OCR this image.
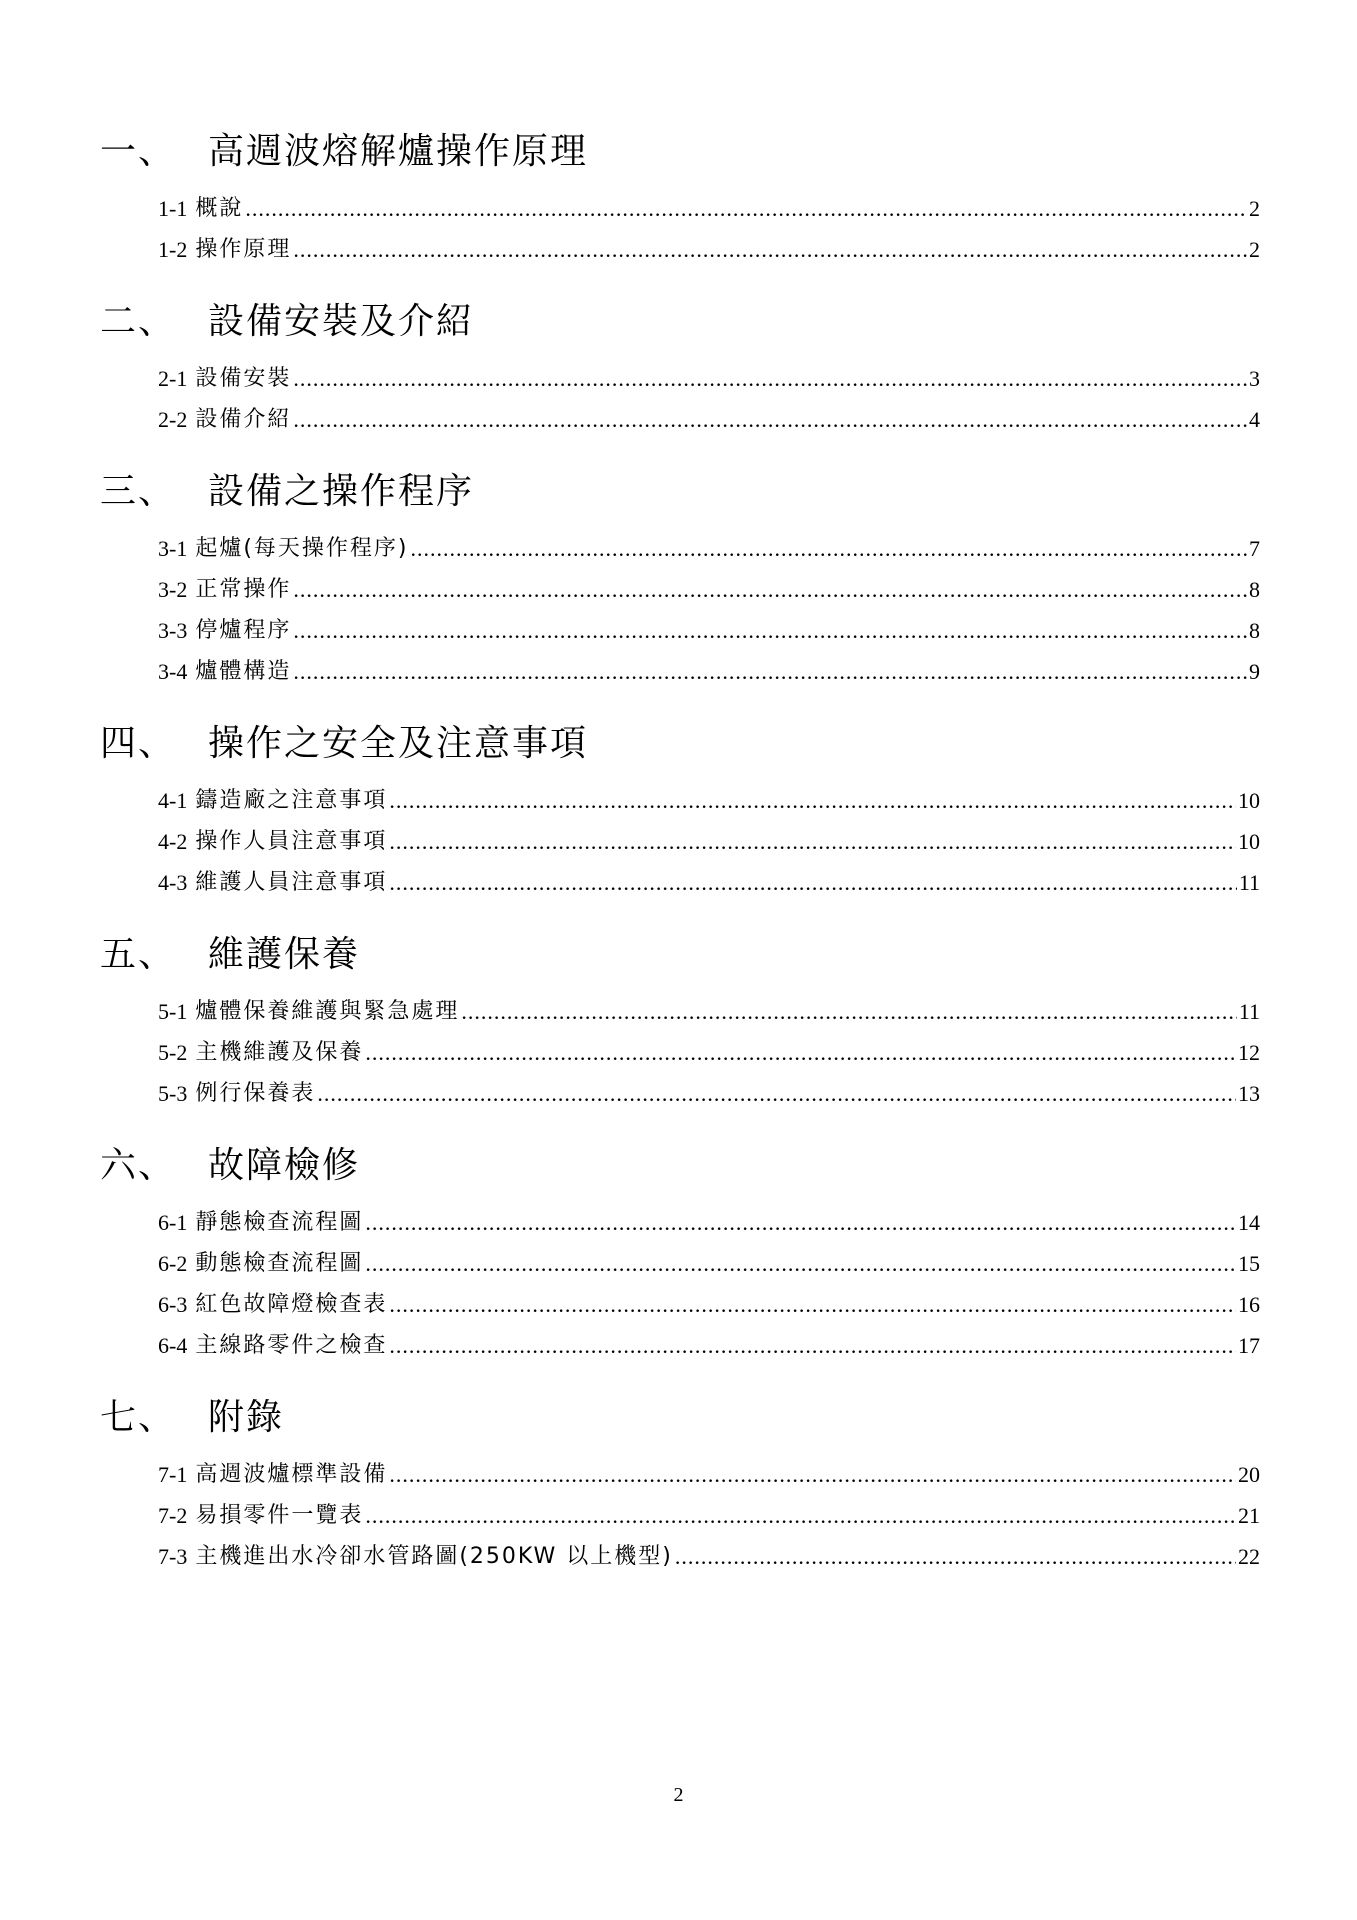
一、 高週波熔解爐操作原理
1-1 概說 .....	2
1-2 操作原理 .....	2
二、 設備安裝及介紹
2-1 設備安裝 .....	3
2-2 設備介紹 .....	4
三、 設備之操作程序
3-1 起爐(每天操作程序) .....	7
3-2 正常操作 .....	8
3-3 停爐程序 .....	8
3-4 爐體構造 .....	9
四、 操作之安全及注意事項
4-1 鑄造廠之注意事項 .....	10
4-2 操作人員注意事項 .....	10
4-3 維護人員注意事項 .....	11
五、 維護保養
5-1 爐體保養維護與緊急處理 .....	11
5-2 主機維護及保養 .....	12
5-3 例行保養表 .....	13
六、 故障檢修
6-1 靜態檢查流程圖 .....	14
6-2 動態檢查流程圖 .....	15
6-3 紅色故障燈檢查表 .....	16
6-4 主線路零件之檢查 .....	17
七、 附錄
7-1 高週波爐標準設備 .....	20
7-2 易損零件一覽表 .....	21
7-3 主機進出水冷卻水管路圖(250KW 以上機型) .....	22
2
